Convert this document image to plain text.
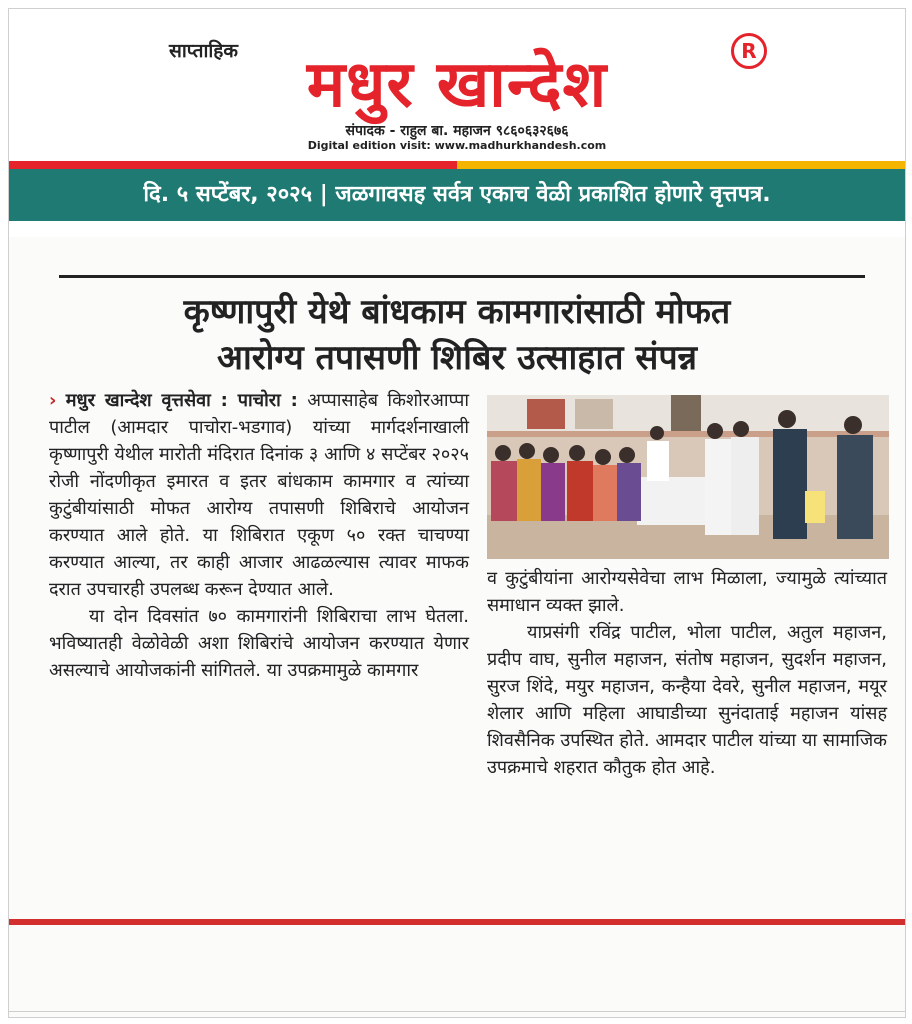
साप्ताहिक	मधुर खान्देश	R
संपादक - राहुल बा. महाजन ९८६०६३२६७६
Digital edition visit: www.madhurkhandesh.com
दि. ५ सप्टेंबर, २०२५ | जळगावसह सर्वत्र एकाच वेळी प्रकाशित होणारे वृत्तपत्र.
कृष्णापुरी येथे बांधकाम कामगारांसाठी मोफत
आरोग्य तपासणी शिबिर उत्साहात संपन्न

› मधुर खान्देश वृत्तसेवा : पाचोरा : अप्पासाहेब किशोरआप्पा पाटील (आमदार पाचोरा-भडगाव) यांच्या मार्गदर्शनाखाली कृष्णापुरी येथील मारोती मंदिरात दिनांक ३ आणि ४ सप्टेंबर २०२५ रोजी नोंदणीकृत इमारत व इतर बांधकाम कामगार व त्यांच्या कुटुंबीयांसाठी मोफत आरोग्य तपासणी शिबिराचे आयोजन करण्यात आले होते. या शिबिरात एकूण ५० रक्त चाचण्या करण्यात आल्या, तर काही आजार आढळल्यास त्यावर माफक दरात उपचारही उपलब्ध करून देण्यात आले.

या दोन दिवसांत ७० कामगारांनी शिबिराचा लाभ घेतला. भविष्यातही वेळोवेळी अशा शिबिरांचे आयोजन करण्यात येणार असल्याचे आयोजकांनी सांगितले. या उपक्रमामुळे कामगार

व कुटुंबीयांना आरोग्यसेवेचा लाभ मिळाला, ज्यामुळे त्यांच्यात समाधान व्यक्त झाले.

याप्रसंगी रविंद्र पाटील, भोला पाटील, अतुल महाजन, प्रदीप वाघ, सुनील महाजन, संतोष महाजन, सुदर्शन महाजन, सुरज शिंदे, मयुर महाजन, कन्हैया देवरे, सुनील महाजन, मयूर शेलार आणि महिला आघाडीच्या सुनंदाताई महाजन यांसह शिवसैनिक उपस्थित होते. आमदार पाटील यांच्या या सामाजिक उपक्रमाचे शहरात कौतुक होत आहे.
